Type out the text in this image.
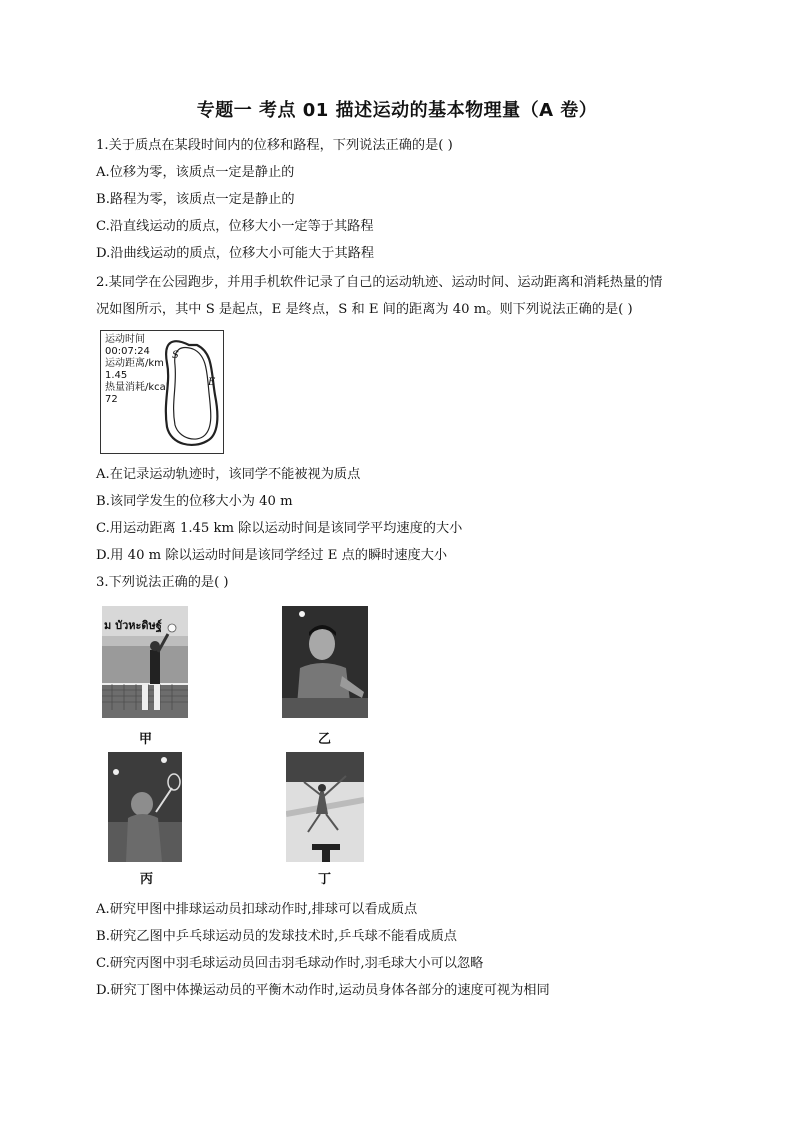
专题一 考点 01 描述运动的基本物理量（A 卷）
1.关于质点在某段时间内的位移和路程，下列说法正确的是( )
A.位移为零，该质点一定是静止的
B.路程为零，该质点一定是静止的
C.沿直线运动的质点，位移大小一定等于其路程
D.沿曲线运动的质点，位移大小可能大于其路程
2.某同学在公园跑步，并用手机软件记录了自己的运动轨迹、运动时间、运动距离和消耗热量的情
况如图所示，其中 S 是起点，E 是终点，S 和 E 间的距离为 40 m。则下列说法正确的是( )
运动时间
00:07:24
运动距离/km
1.45
热量消耗/kcal
72
S
E
A.在记录运动轨迹时，该同学不能被视为质点
B.该同学发生的位移大小为 40 m
C.用运动距离 1.45 km 除以运动时间是该同学平均速度的大小
D.用 40 m 除以运动时间是该同学经过 E 点的瞬时速度大小
3.下列说法正确的是( )
ม บัวหะดิษฐ์
甲	乙
丙	丁
A.研究甲图中排球运动员扣球动作时,排球可以看成质点
B.研究乙图中乒乓球运动员的发球技术时,乒乓球不能看成质点
C.研究丙图中羽毛球运动员回击羽毛球动作时,羽毛球大小可以忽略
D.研究丁图中体操运动员的平衡木动作时,运动员身体各部分的速度可视为相同
